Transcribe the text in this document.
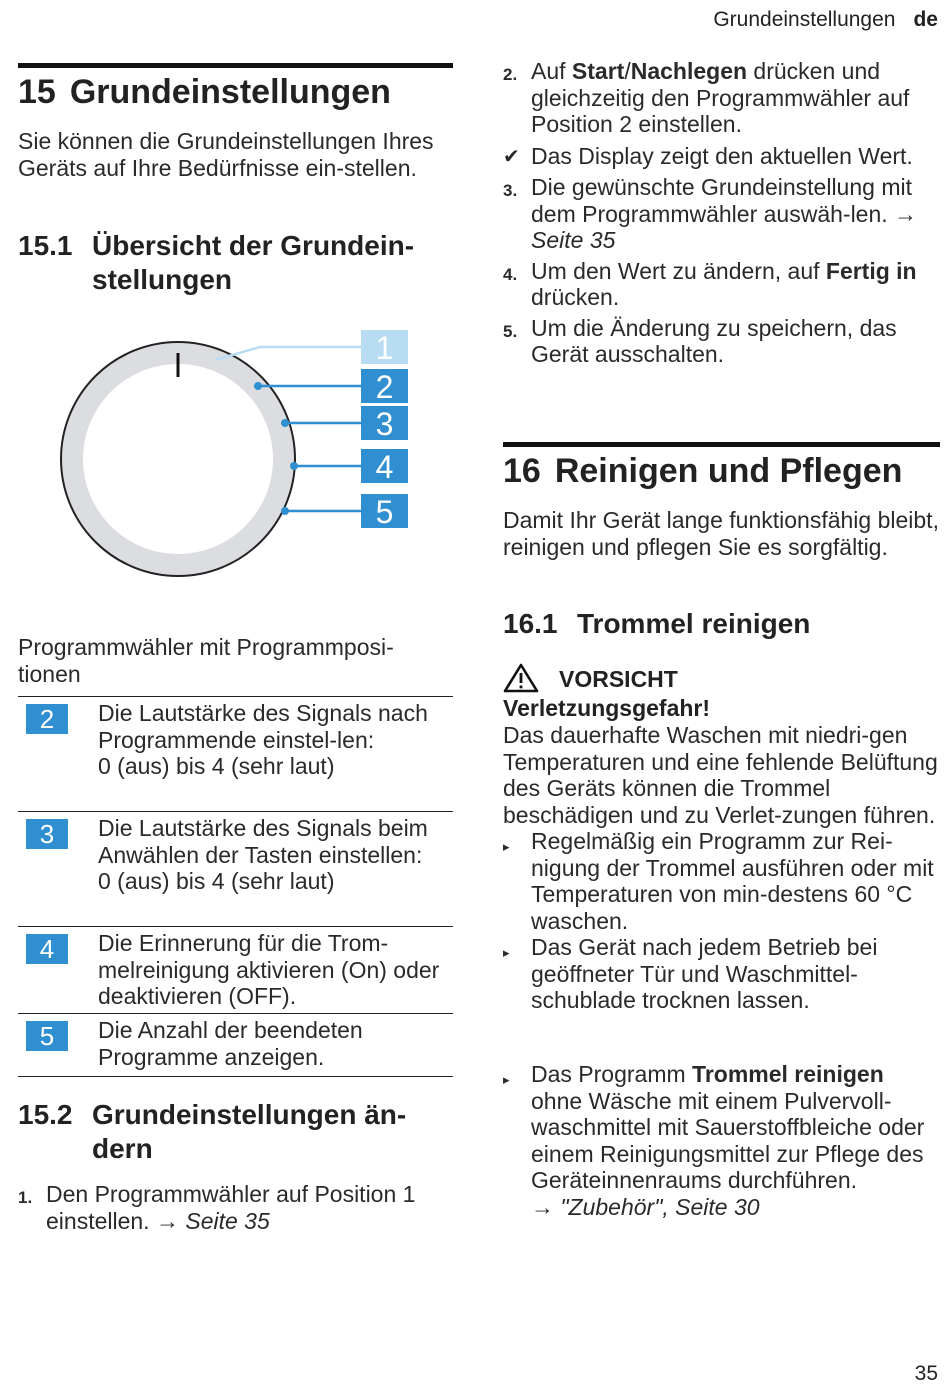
Grundeinstellungen de
15 Grundeinstellungen
Sie können die Grundeinstellungen Ihres Geräts auf Ihre Bedürfnisse ein-stellen.
15.1 Übersicht der Grundein-
stellungen
1
2
3
4
5
Programmwähler mit Programmposi-tionen
2	Die Lautstärke des Signals nach Programmende einstel-len:
0 (aus) bis 4 (sehr laut)
3	Die Lautstärke des Signals beim Anwählen der Tasten einstellen:
0 (aus) bis 4 (sehr laut)
4	Die Erinnerung für die Trom-melreinigung aktivieren (On) oder deaktivieren (OFF).
5	Die Anzahl der beendeten Programme anzeigen.
15.2 Grundeinstellungen än-
dern
1. Den Programmwähler auf Position 1 einstellen. → Seite 35
2. Auf Start/Nachlegen drücken und gleichzeitig den Programmwähler auf Position 2 einstellen.
✔ Das Display zeigt den aktuellen Wert.
3. Die gewünschte Grundeinstellung mit dem Programmwähler auswäh-len. → Seite 35
4. Um den Wert zu ändern, auf Fertig in drücken.
5. Um die Änderung zu speichern, das Gerät ausschalten.
16 Reinigen und Pflegen
Damit Ihr Gerät lange funktionsfähig bleibt, reinigen und pflegen Sie es sorgfältig.
16.1 Trommel reinigen
VORSICHT
Verletzungsgefahr!
Das dauerhafte Waschen mit niedri-gen Temperaturen und eine fehlende Belüftung des Geräts können die Trommel beschädigen und zu Verlet-zungen führen.
▸ Regelmäßig ein Programm zur Rei-nigung der Trommel ausführen oder mit Temperaturen von min-destens 60 °C waschen.
▸ Das Gerät nach jedem Betrieb bei geöffneter Tür und Waschmittel-schublade trocknen lassen.
▸ Das Programm Trommel reinigen ohne Wäsche mit einem Pulvervoll-waschmittel mit Sauerstoffbleiche oder einem Reinigungsmittel zur Pflege des Geräteinnenraums durchführen.
→ "Zubehör", Seite 30
35
